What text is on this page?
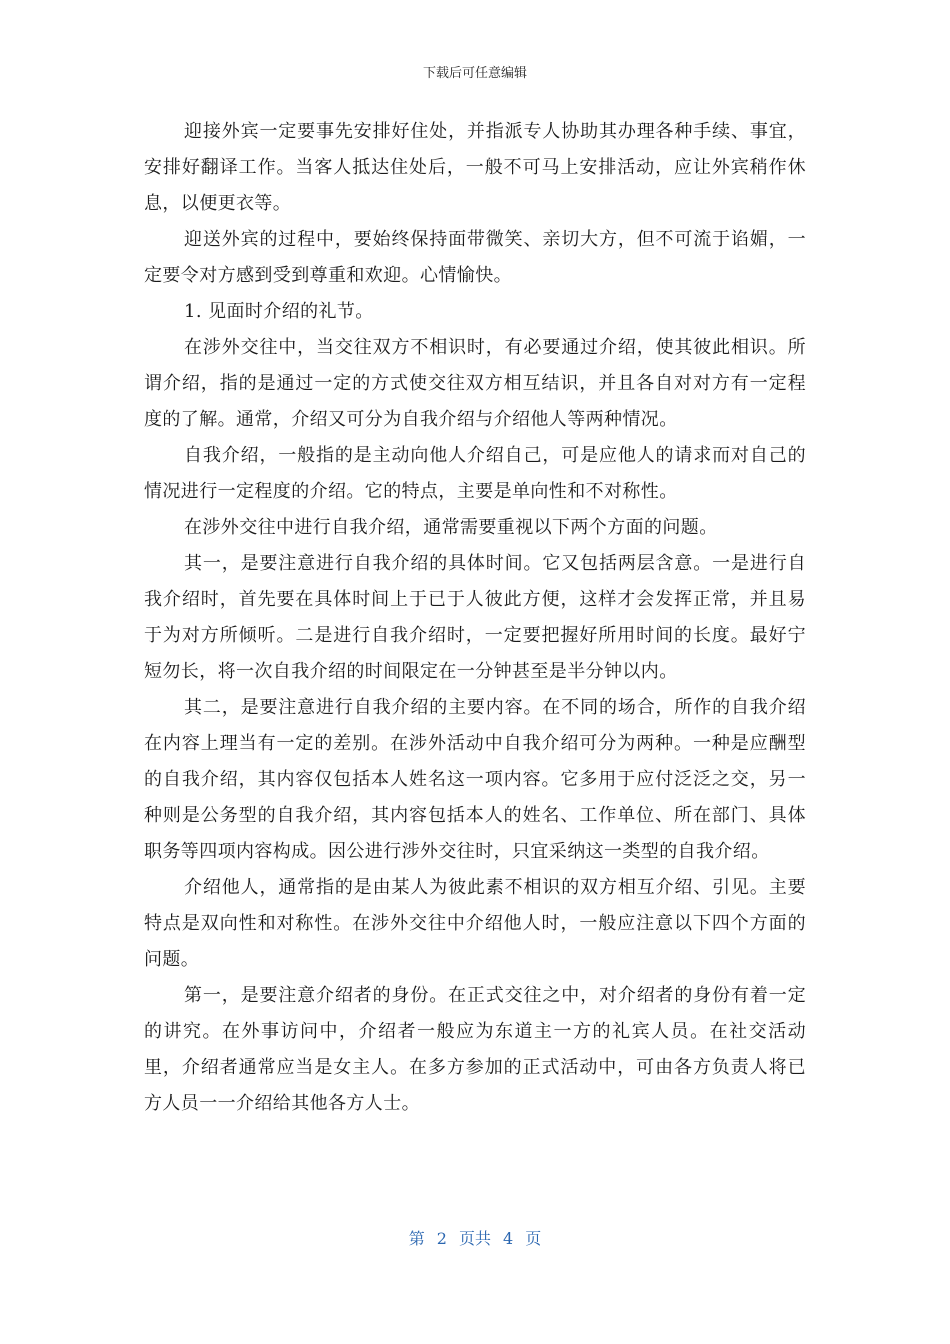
下载后可任意编辑

迎接外宾一定要事先安排好住处，并指派专人协助其办理各种手续、事宜，安排好翻译工作。当客人抵达住处后，一般不可马上安排活动，应让外宾稍作休息，以便更衣等。

迎送外宾的过程中，要始终保持面带微笑、亲切大方，但不可流于谄媚，一定要令对方感到受到尊重和欢迎。心情愉快。

1. 见面时介绍的礼节。

在涉外交往中，当交往双方不相识时，有必要通过介绍，使其彼此相识。所谓介绍，指的是通过一定的方式使交往双方相互结识，并且各自对对方有一定程度的了解。通常，介绍又可分为自我介绍与介绍他人等两种情况。

自我介绍，一般指的是主动向他人介绍自己，可是应他人的请求而对自己的情况进行一定程度的介绍。它的特点，主要是单向性和不对称性。

在涉外交往中进行自我介绍，通常需要重视以下两个方面的问题。

其一，是要注意进行自我介绍的具体时间。它又包括两层含意。一是进行自我介绍时，首先要在具体时间上于已于人彼此方便，这样才会发挥正常，并且易于为对方所倾听。二是进行自我介绍时，一定要把握好所用时间的长度。最好宁短勿长，将一次自我介绍的时间限定在一分钟甚至是半分钟以内。

其二，是要注意进行自我介绍的主要内容。在不同的场合，所作的自我介绍在内容上理当有一定的差别。在涉外活动中自我介绍可分为两种。一种是应酬型的自我介绍，其内容仅包括本人姓名这一项内容。它多用于应付泛泛之交，另一种则是公务型的自我介绍，其内容包括本人的姓名、工作单位、所在部门、具体职务等四项内容构成。因公进行涉外交往时，只宜采纳这一类型的自我介绍。

介绍他人，通常指的是由某人为彼此素不相识的双方相互介绍、引见。主要特点是双向性和对称性。在涉外交往中介绍他人时，一般应注意以下四个方面的问题。

第一，是要注意介绍者的身份。在正式交往之中，对介绍者的身份有着一定的讲究。在外事访问中，介绍者一般应为东道主一方的礼宾人员。在社交活动里，介绍者通常应当是女主人。在多方参加的正式活动中，可由各方负责人将已方人员一一介绍给其他各方人士。

第 2 页共 4 页
